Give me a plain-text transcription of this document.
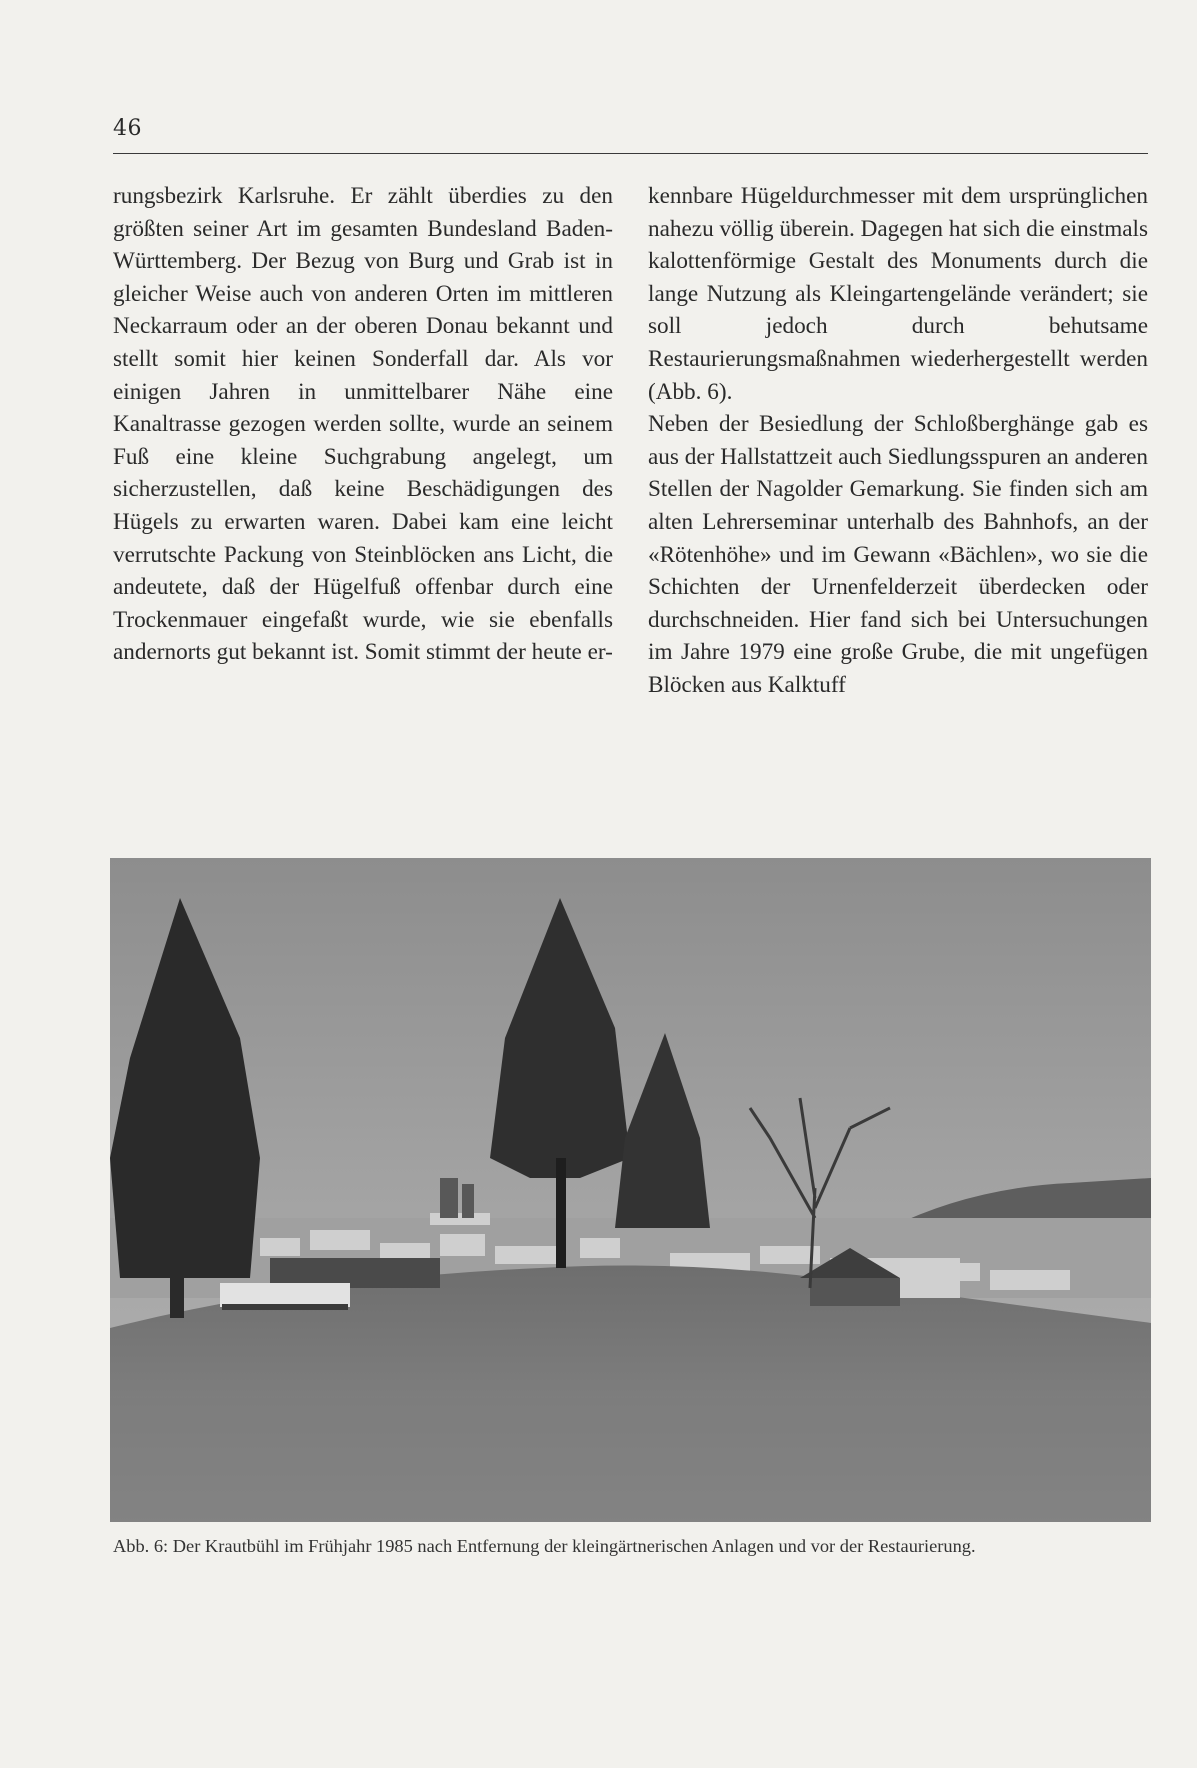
46

rungsbezirk Karlsruhe. Er zählt überdies zu den größten seiner Art im gesamten Bundesland Baden-Württemberg. Der Bezug von Burg und Grab ist in gleicher Weise auch von anderen Orten im mittleren Neckarraum oder an der oberen Donau bekannt und stellt somit hier keinen Sonderfall dar. Als vor einigen Jahren in unmittelbarer Nähe eine Kanaltrasse gezogen werden sollte, wurde an seinem Fuß eine kleine Suchgrabung angelegt, um sicherzustellen, daß keine Beschädigungen des Hügels zu erwarten waren. Dabei kam eine leicht verrutschte Packung von Steinblöcken ans Licht, die andeutete, daß der Hügelfuß offenbar durch eine Trockenmauer eingefaßt wurde, wie sie ebenfalls andernorts gut bekannt ist. Somit stimmt der heute er-

kennbare Hügeldurchmesser mit dem ursprünglichen nahezu völlig überein. Dagegen hat sich die einstmals kalottenförmige Gestalt des Monuments durch die lange Nutzung als Kleingartengelände verändert; sie soll jedoch durch behutsame Restaurierungsmaßnahmen wiederhergestellt werden (Abb. 6).

Neben der Besiedlung der Schloßberghänge gab es aus der Hallstattzeit auch Siedlungsspuren an anderen Stellen der Nagolder Gemarkung. Sie finden sich am alten Lehrerseminar unterhalb des Bahnhofs, an der «Rötenhöhe» und im Gewann «Bächlen», wo sie die Schichten der Urnenfelderzeit überdecken oder durchschneiden. Hier fand sich bei Untersuchungen im Jahre 1979 eine große Grube, die mit ungefügen Blöcken aus Kalktuff

Abb. 6: Der Krautbühl im Frühjahr 1985 nach Entfernung der kleingärtnerischen Anlagen und vor der Restaurierung.
